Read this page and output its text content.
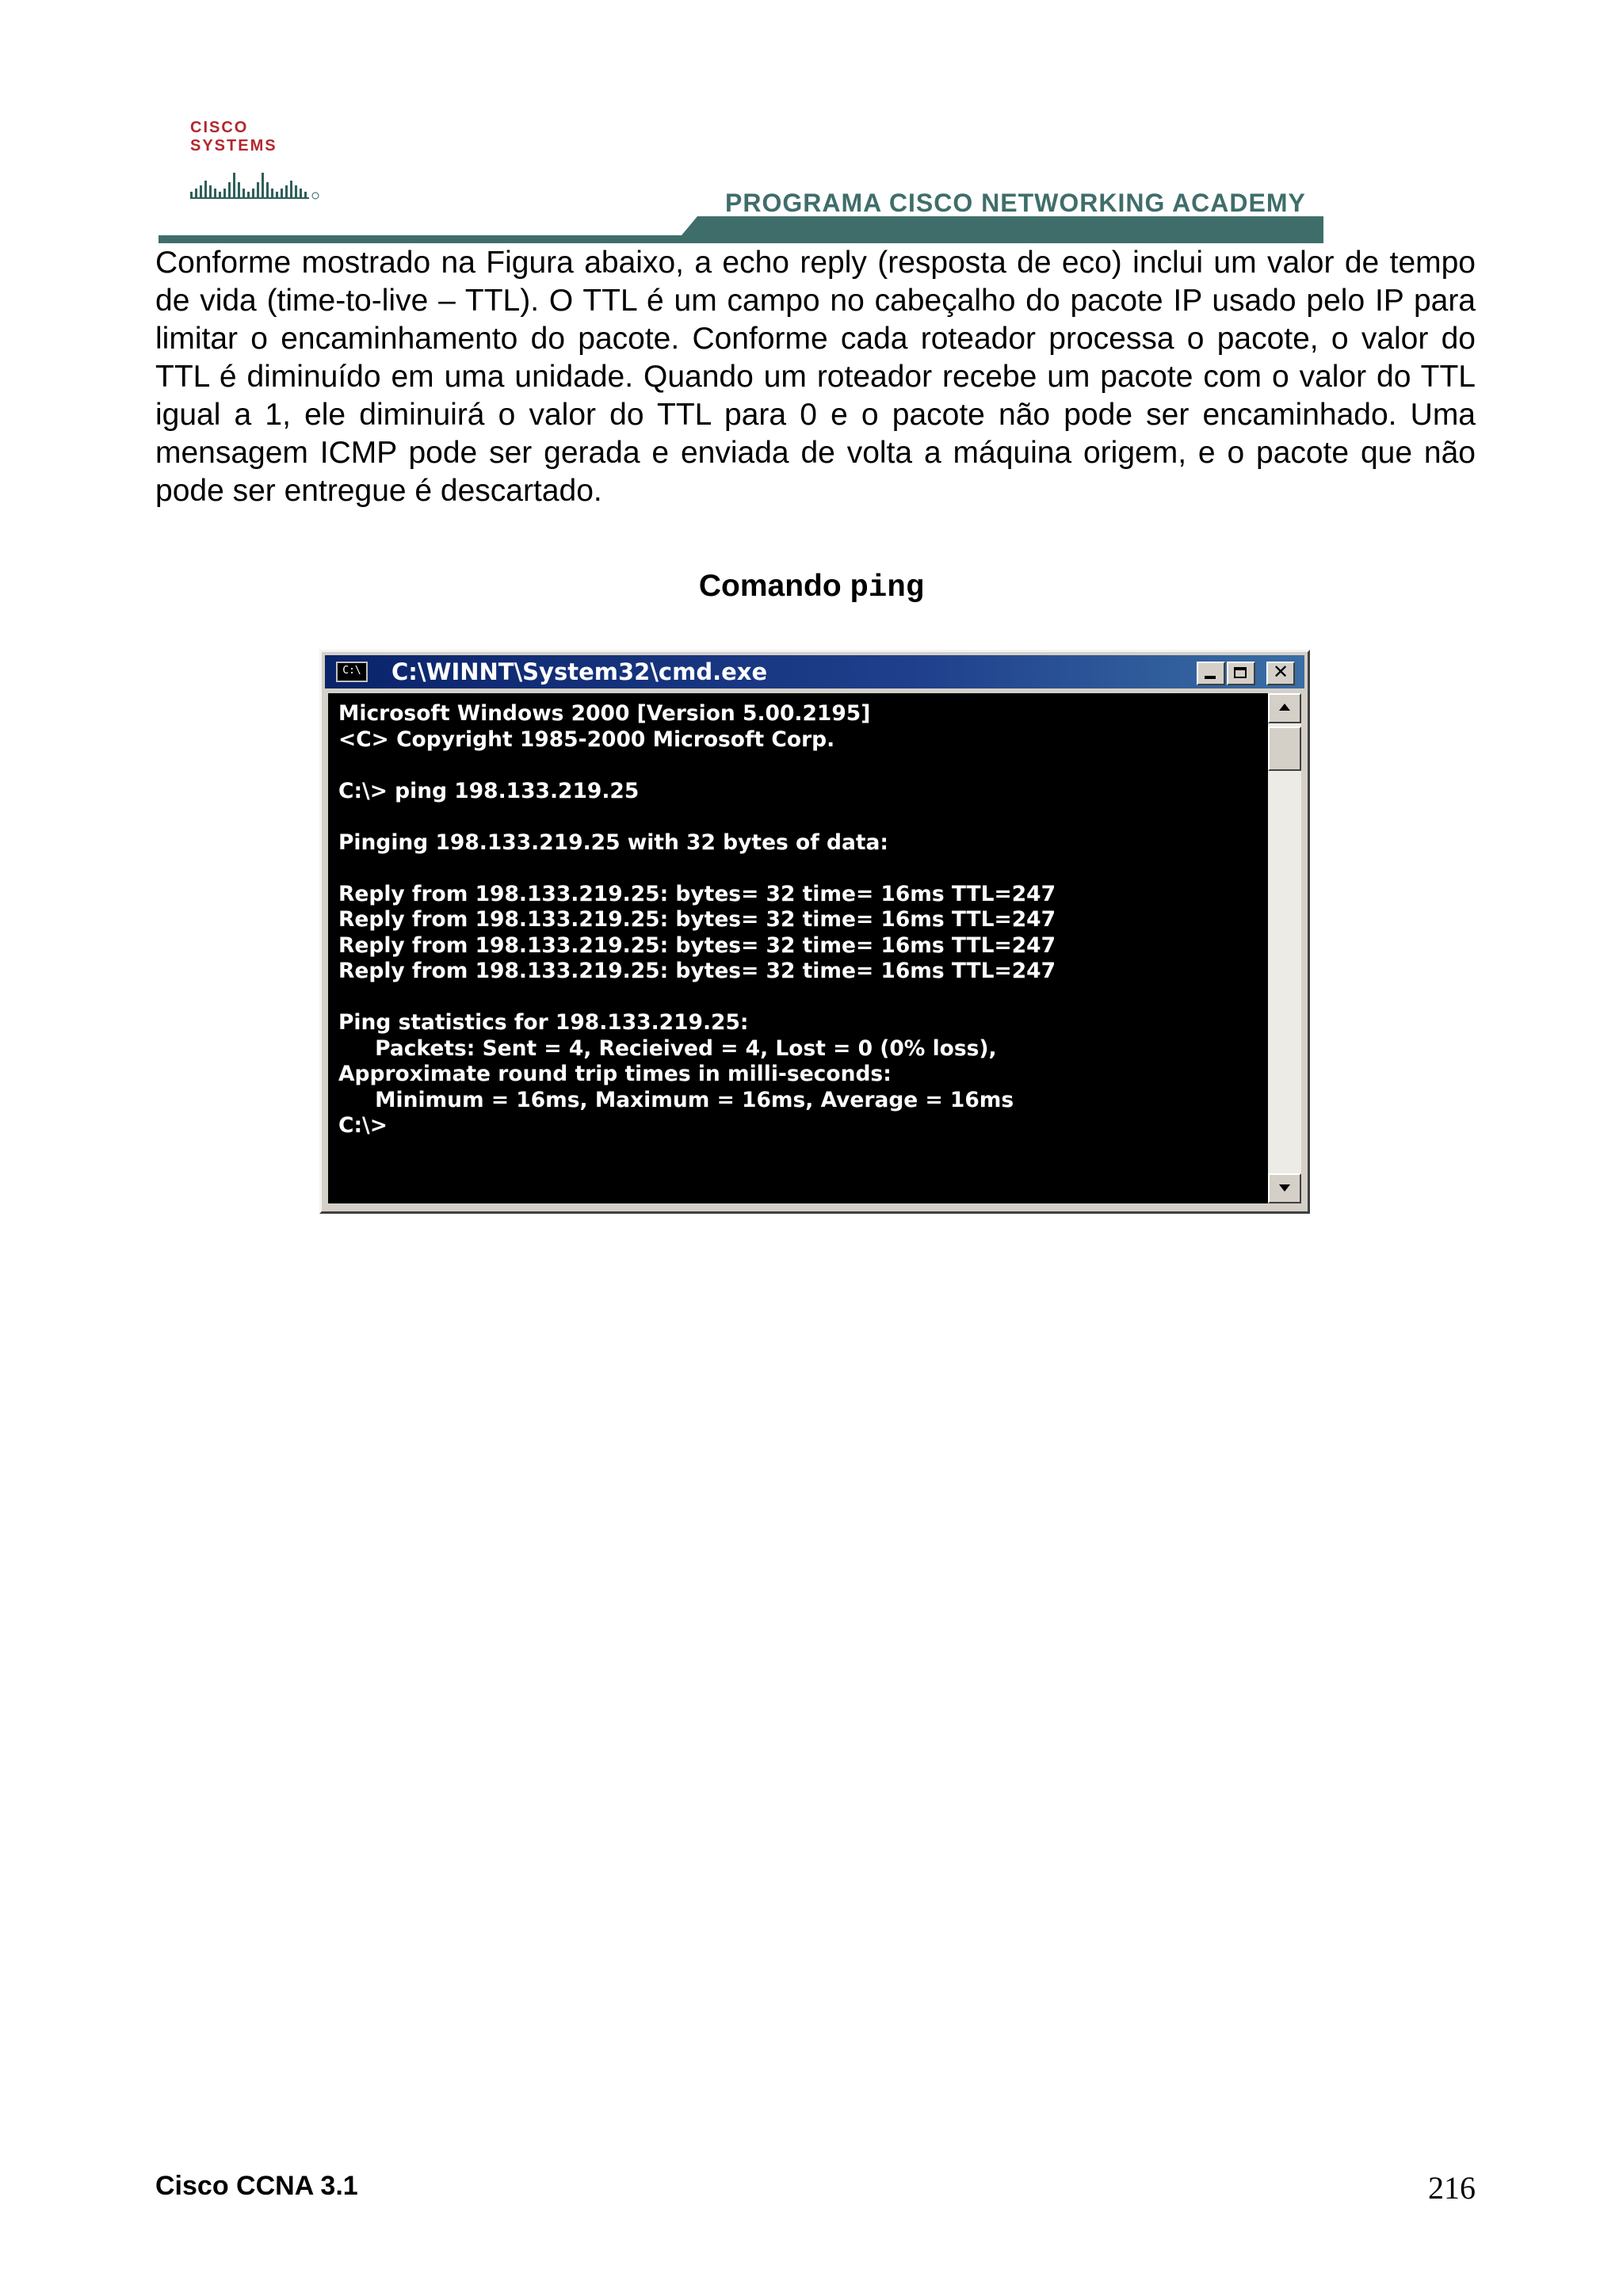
CISCO SYSTEMS
PROGRAMA CISCO NETWORKING ACADEMY

Conforme mostrado na Figura abaixo, a echo reply (resposta de eco) inclui um valor de tempo de vida (time-to-live – TTL). O TTL é um campo no cabeçalho do pacote IP usado pelo IP para limitar o encaminhamento do pacote. Conforme cada roteador processa o pacote, o valor do TTL é diminuído em uma unidade. Quando um roteador recebe um pacote com o valor do TTL igual a 1, ele diminuirá o valor do TTL para 0 e o pacote não pode ser encaminhado. Uma mensagem ICMP pode ser gerada e enviada de volta a máquina origem, e o pacote que não pode ser entregue é descartado.

Comando ping
C:\ C:\WINNT\System32\cmd.exe	✕
Microsoft Windows 2000 [Version 5.00.2195]
<C> Copyright 1985-2000 Microsoft Corp.
C:\> ping 198.133.219.25
Pinging 198.133.219.25 with 32 bytes of data:
Reply from 198.133.219.25: bytes= 32 time= 16ms TTL=247
Reply from 198.133.219.25: bytes= 32 time= 16ms TTL=247
Reply from 198.133.219.25: bytes= 32 time= 16ms TTL=247
Reply from 198.133.219.25: bytes= 32 time= 16ms TTL=247
Ping statistics for 198.133.219.25:
Packets: Sent = 4, Recieived = 4, Lost = 0 (0% loss),
Approximate round trip times in milli-seconds:
Minimum = 16ms, Maximum = 16ms, Average = 16ms
C:\>
Cisco CCNA 3.1	216
